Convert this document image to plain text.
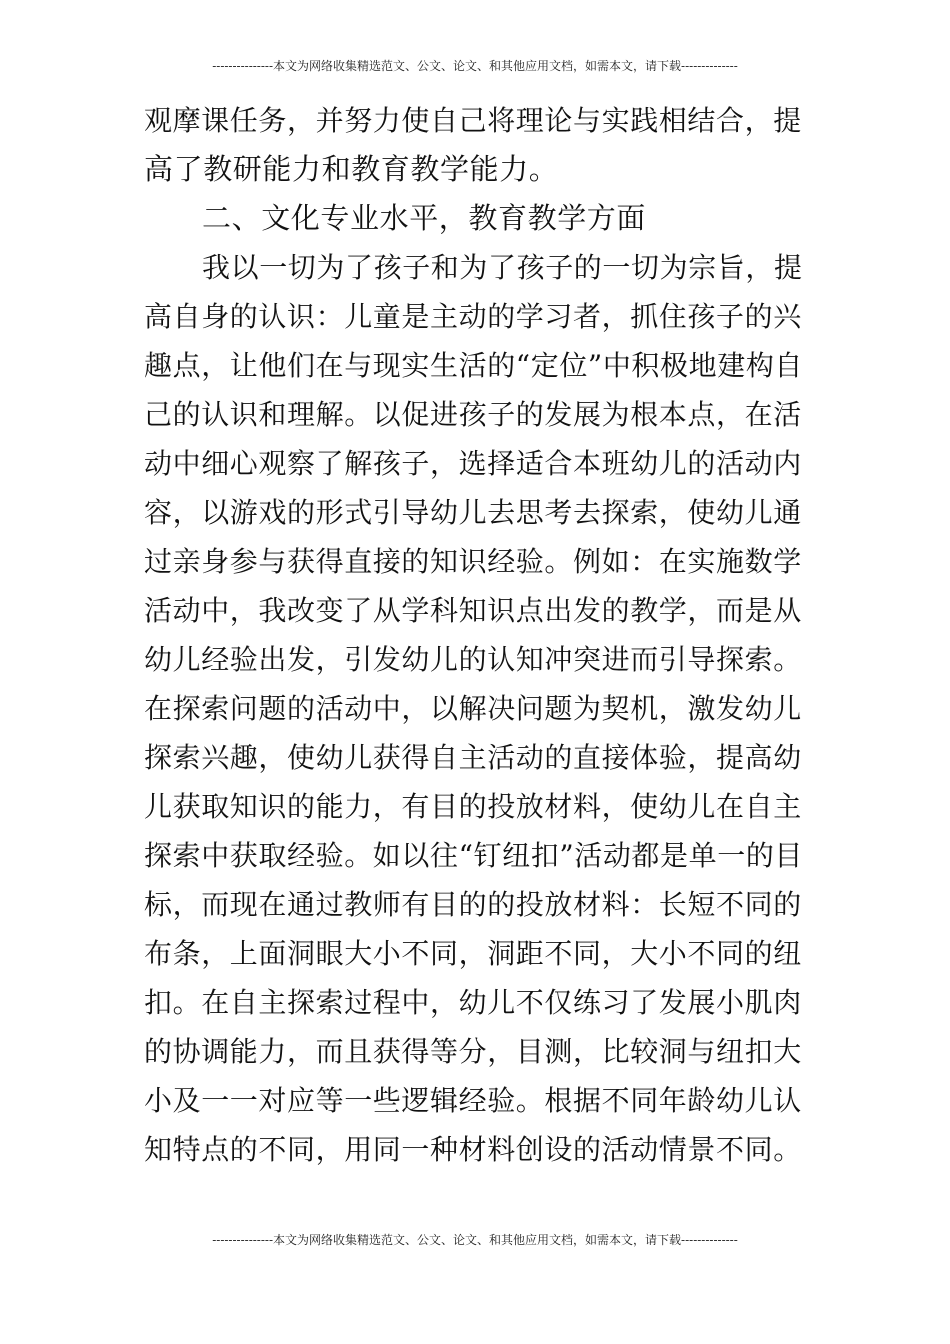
---------------本文为网络收集精选范文、公文、论文、和其他应用文档，如需本文，请下载--------------
观摩课任务，并努力使自己将理论与实践相结合，提
高了教研能力和教育教学能力。
二、文化专业水平，教育教学方面
我以一切为了孩子和为了孩子的一切为宗旨，提
高自身的认识：儿童是主动的学习者，抓住孩子的兴
趣点，让他们在与现实生活的“定位”中积极地建构自
己的认识和理解。以促进孩子的发展为根本点，在活
动中细心观察了解孩子，选择适合本班幼儿的活动内
容，以游戏的形式引导幼儿去思考去探索，使幼儿通
过亲身参与获得直接的知识经验。例如：在实施数学
活动中，我改变了从学科知识点出发的教学，而是从
幼儿经验出发，引发幼儿的认知冲突进而引导探索。
在探索问题的活动中，以解决问题为契机，激发幼儿
探索兴趣，使幼儿获得自主活动的直接体验，提高幼
儿获取知识的能力，有目的投放材料，使幼儿在自主
探索中获取经验。如以往“钉纽扣”活动都是单一的目
标，而现在通过教师有目的的投放材料：长短不同的
布条，上面洞眼大小不同，洞距不同，大小不同的纽
扣。在自主探索过程中，幼儿不仅练习了发展小肌肉
的协调能力，而且获得等分，目测，比较洞与纽扣大
小及一一对应等一些逻辑经验。根据不同年龄幼儿认
知特点的不同，用同一种材料创设的活动情景不同。
---------------本文为网络收集精选范文、公文、论文、和其他应用文档，如需本文，请下载--------------
